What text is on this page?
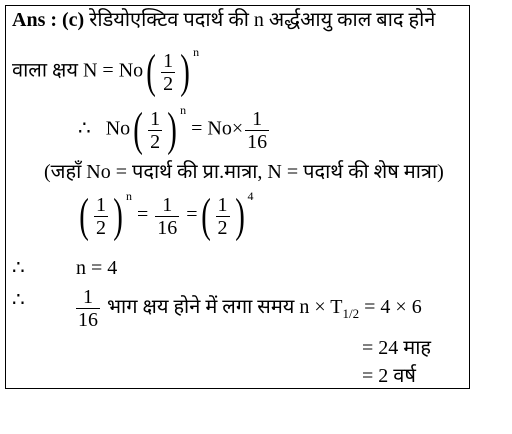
Ans : (c) रेडियोएक्टिव पदार्थ की n अर्द्धआयु काल बाद होने
वाला क्षय N = No ( $\frac{1}{2}$ ) $^n$
∴ No ( $\frac{1}{2}$ ) $^n = No\times \frac{1}{16}$
(जहाँ No = पदार्थ की प्रा.मात्रा, N = पदार्थ की शेष मात्रा)
( $\frac{1}{2}$ ) $^n = \frac{1}{16}$ = ( $\frac{1}{2}$ ) $^4$
∴	n = 4
∴	$\frac{1}{16}$ भाग क्षय होने में लगा समय $n \times T_{1/2} = 4 \times 6$
= 24 माह
= 2 वर्ष
